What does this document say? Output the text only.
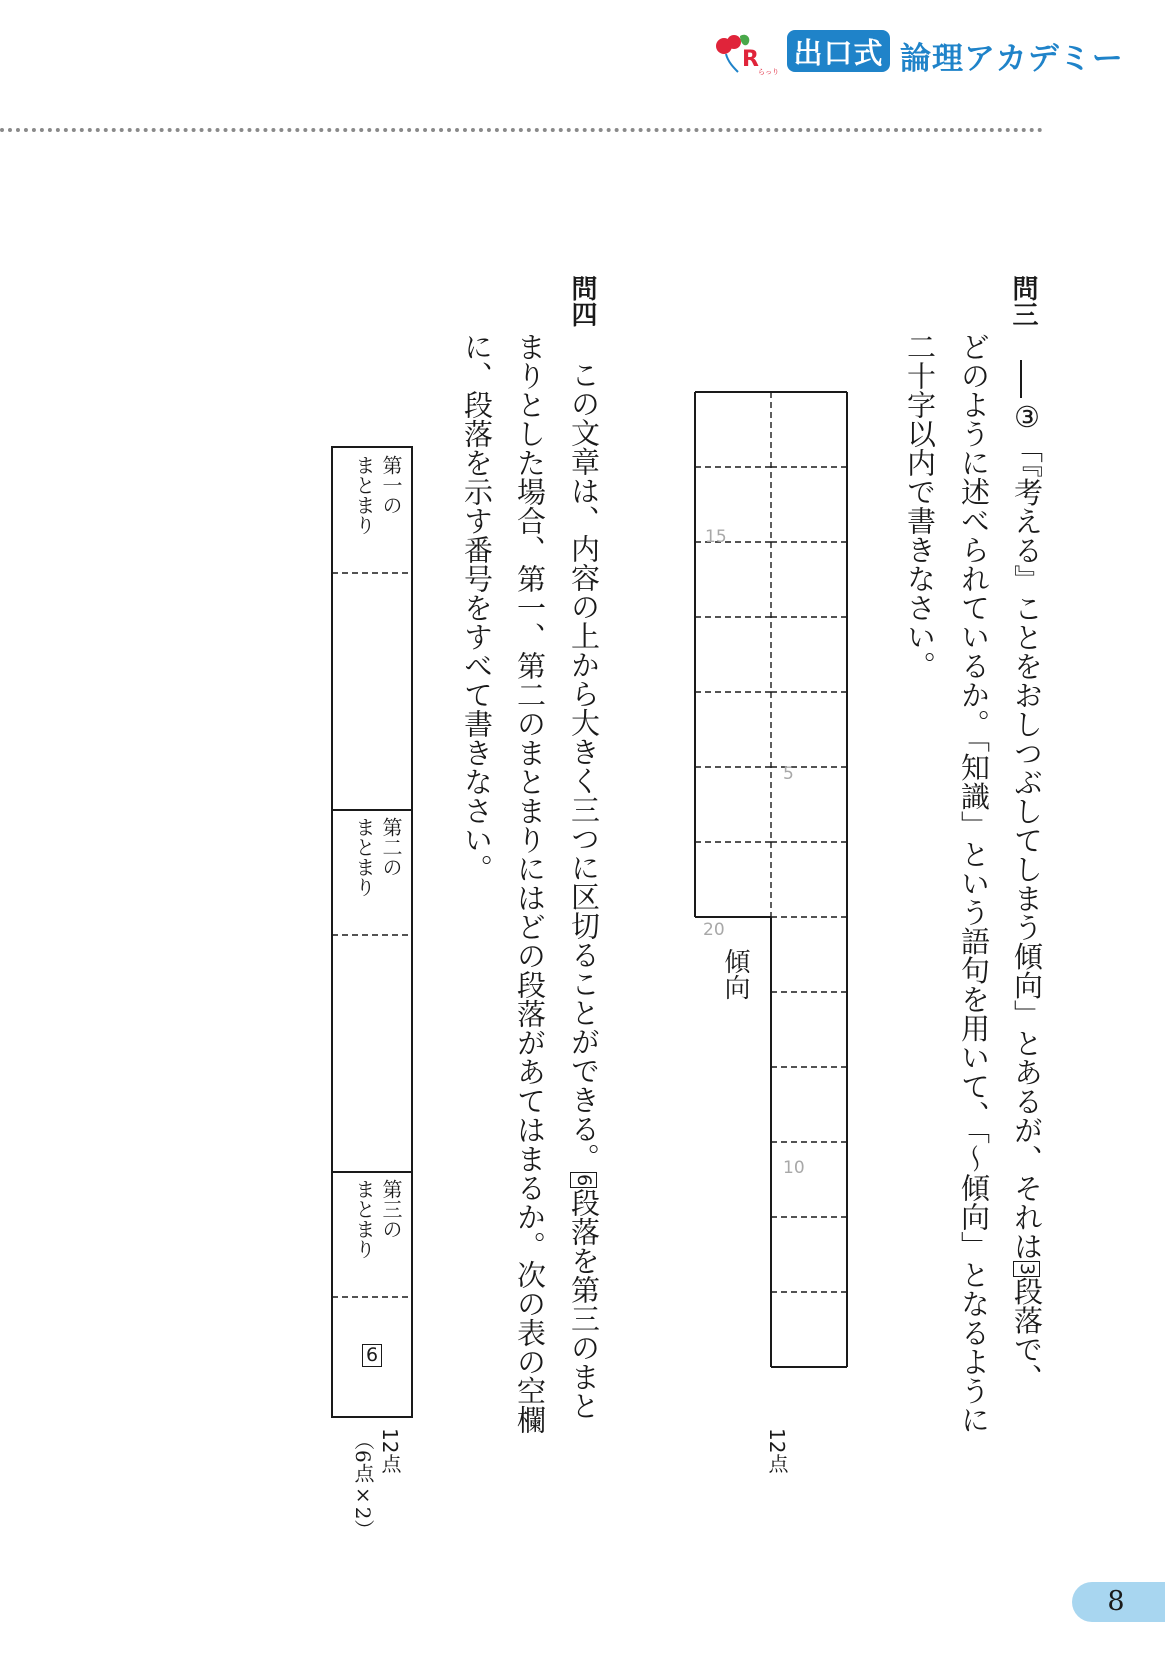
R らっり
出口式 論理アカデミー
問三
③「『考える』ことをおしつぶしてしまう傾向」とあるが、それは3段落で、
どのように述べられているか。「知識」という語句を用いて、「～傾向」となるように
二十字以内で書きなさい。
15
5
20
10
傾向
12点
問四
この文章は、内容の上から大きく三つに区切ることができる。6段落を第三のまと
まりとした場合、第一、第二のまとまりにはどの段落があてはまるか。次の表の空欄
に、段落を示す番号をすべて書きなさい。
第一の
まとまり
第二の
まとまり
第三の
まとまり
6
12点
（6点×2）
8
